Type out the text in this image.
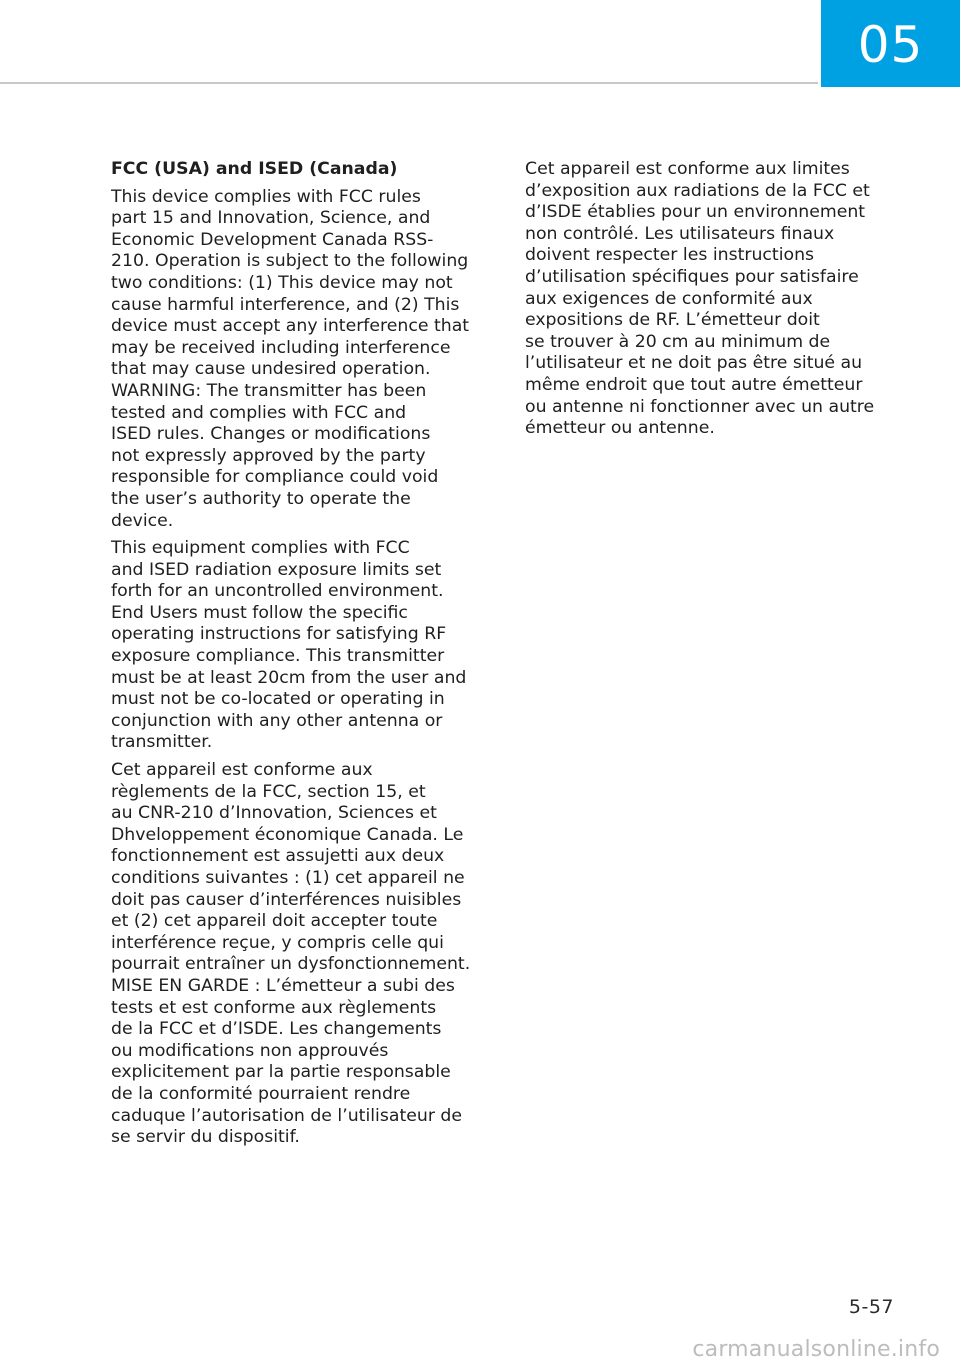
05
FCC (USA) and ISED (Canada)
This device complies with FCC rules
part 15 and Innovation, Science, and
Economic Development Canada RSS-
210. Operation is subject to the following
two conditions: (1) This device may not
cause harmful interference, and (2) This
device must accept any interference that
may be received including interference
that may cause undesired operation.
WARNING: The transmitter has been
tested and complies with FCC and
ISED rules. Changes or modifications
not expressly approved by the party
responsible for compliance could void
the user’s authority to operate the
device.
This equipment complies with FCC
and ISED radiation exposure limits set
forth for an uncontrolled environment.
End Users must follow the specific
operating instructions for satisfying RF
exposure compliance. This transmitter
must be at least 20cm from the user and
must not be co-located or operating in
conjunction with any other antenna or
transmitter.
Cet appareil est conforme aux
règlements de la FCC, section 15, et
au CNR-210 d’Innovation, Sciences et
Dhveloppement économique Canada. Le
fonctionnement est assujetti aux deux
conditions suivantes : (1) cet appareil ne
doit pas causer d’interférences nuisibles
et (2) cet appareil doit accepter toute
interférence reçue, y compris celle qui
pourrait entraîner un dysfonctionnement.
MISE EN GARDE : L’émetteur a subi des
tests et est conforme aux règlements
de la FCC et d’ISDE. Les changements
ou modifications non approuvés
explicitement par la partie responsable
de la conformité pourraient rendre
caduque l’autorisation de l’utilisateur de
se servir du dispositif.
Cet appareil est conforme aux limites
d’exposition aux radiations de la FCC et
d’ISDE établies pour un environnement
non contrôlé. Les utilisateurs finaux
doivent respecter les instructions
d’utilisation spécifiques pour satisfaire
aux exigences de conformité aux
expositions de RF. L’émetteur doit
se trouver à 20 cm au minimum de
l’utilisateur et ne doit pas être situé au
même endroit que tout autre émetteur
ou antenne ni fonctionner avec un autre
émetteur ou antenne.
5-57
carmanualsonline.info
